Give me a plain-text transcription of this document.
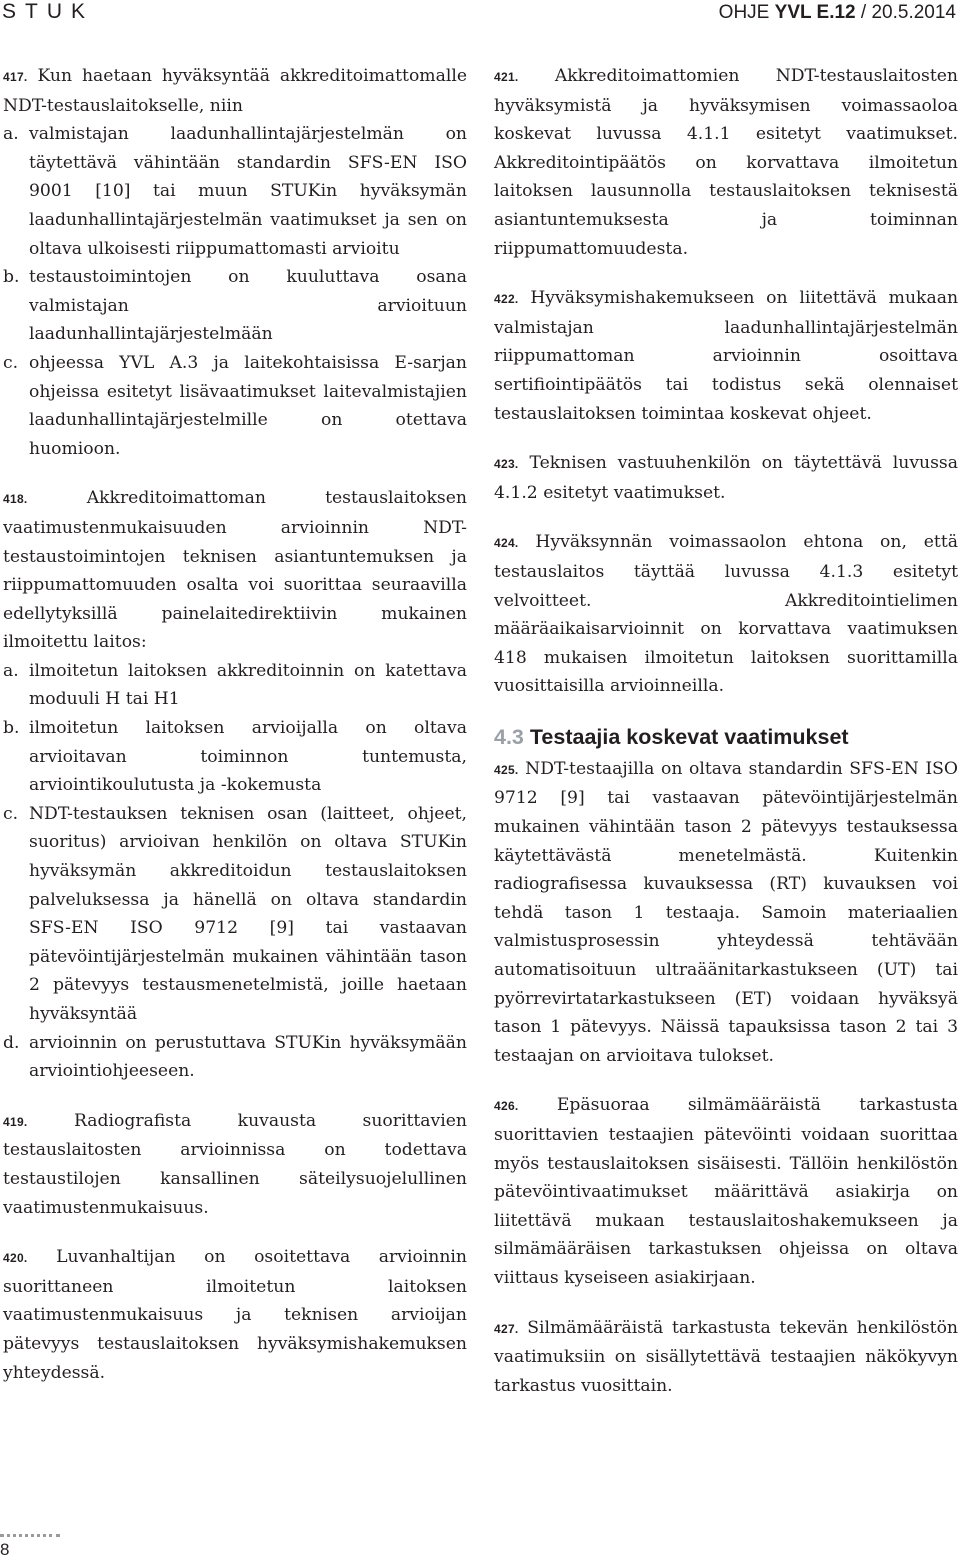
STUK	OHJE YVL E.12 / 20.5.2014
417. Kun haetaan hyväksyntää akkreditoimattomalle NDT-testauslaitokselle, niin
a. valmistajan laadunhallintajärjestelmän on täytettävä vähintään standardin SFS-EN ISO 9001 [10] tai muun STUKin hyväksymän laadunhallintajärjestelmän vaatimukset ja sen on oltava ulkoisesti riippumattomasti arvioitu
b. testaustoimintojen on kuuluttava osana valmistajan arvioituun laadunhallintajärjestelmään
c. ohjeessa YVL A.3 ja laitekohtaisissa E-sarjan ohjeissa esitetyt lisävaatimukset laitevalmistajien laadunhallintajärjestelmille on otettava huomioon.
418.	Akkreditoimattoman testauslaitoksen vaatimustenmukaisuuden arvioinnin NDT-testaustoimintojen teknisen asiantuntemuksen ja riippumattomuuden osalta voi suorittaa seuraavilla edellytyksillä painelaitedirektiivin mukainen ilmoitettu laitos:
a. ilmoitetun laitoksen akkreditoinnin on katettava moduuli H tai H1
b. ilmoitetun laitoksen arvioijalla on oltava arvioitavan toiminnon tuntemusta, arviointikoulutusta ja -kokemusta
c. NDT-testauksen teknisen osan (laitteet, ohjeet, suoritus) arvioivan henkilön on oltava STUKin hyväksymän akkreditoidun testauslaitoksen palveluksessa ja hänellä on oltava standardin SFS-EN ISO 9712 [9] tai vastaavan pätevöintijärjestelmän mukainen vähintään tason 2 pätevyys testausmenetelmistä, joille haetaan hyväksyntää
d. arvioinnin on perustuttava STUKin hyväksymään arviointiohjeeseen.
419.	Radiografista kuvausta suorittavien testauslaitosten arvioinnissa on todettava testaustilojen kansallinen säteilysuojelullinen vaatimustenmukaisuus.
420. Luvanhaltijan on osoitettava arvioinnin suorittaneen ilmoitetun laitoksen vaatimustenmukaisuus ja teknisen arvioijan pätevyys testauslaitoksen hyväksymishakemuksen yhteydessä.
421. Akkreditoimattomien NDT-testauslaitosten hyväksymistä ja hyväksymisen voimassaoloa koskevat luvussa 4.1.1 esitetyt vaatimukset. Akkreditointipäätös on korvattava ilmoitetun laitoksen lausunnolla testauslaitoksen teknisestä asiantuntemuksesta ja toiminnan riippumattomuudesta.
422. Hyväksymishakemukseen on liitettävä mukaan valmistajan laadunhallintajärjestelmän riippumattoman arvioinnin osoittava sertifiointipäätös tai todistus sekä olennaiset testauslaitoksen toimintaa koskevat ohjeet.
423. Teknisen vastuuhenkilön on täytettävä luvussa 4.1.2 esitetyt vaatimukset.
424. Hyväksynnän voimassaolon ehtona on, että testauslaitos täyttää luvussa 4.1.3 esitetyt velvoitteet. Akkreditointielimen määräaikaisarvioinnit on korvattava vaatimuksen 418 mukaisen ilmoitetun laitoksen suorittamilla vuosittaisilla arvioinneilla.
4.3 Testaajia koskevat vaatimukset
425. NDT-testaajilla on oltava standardin SFS-EN ISO 9712 [9] tai vastaavan pätevöintijärjestelmän mukainen vähintään tason 2 pätevyys testauksessa käytettävästä menetelmästä. Kuitenkin radiografisessa kuvauksessa (RT) kuvauksen voi tehdä tason 1 testaaja. Samoin materiaalien valmistusprosessin yhteydessä tehtävään automatisoituun ultraäänitarkastukseen (UT) tai pyörrevirtatarkastukseen (ET) voidaan hyväksyä tason 1 pätevyys. Näissä tapauksissa tason 2 tai 3 testaajan on arvioitava tulokset.
426. Epäsuoraa silmämääräistä tarkastusta suorittavien testaajien pätevöinti voidaan suorittaa myös testauslaitoksen sisäisesti. Tällöin henkilöstön pätevöintivaatimukset määrittävä asiakirja on liitettävä mukaan testauslaitoshakemukseen ja silmämääräisen tarkastuksen ohjeissa on oltava viittaus kyseiseen asiakirjaan.
427. Silmämääräistä tarkastusta tekevän henkilöstön vaatimuksiin on sisällytettävä testaajien näkökyvyn tarkastus vuosittain.
8
